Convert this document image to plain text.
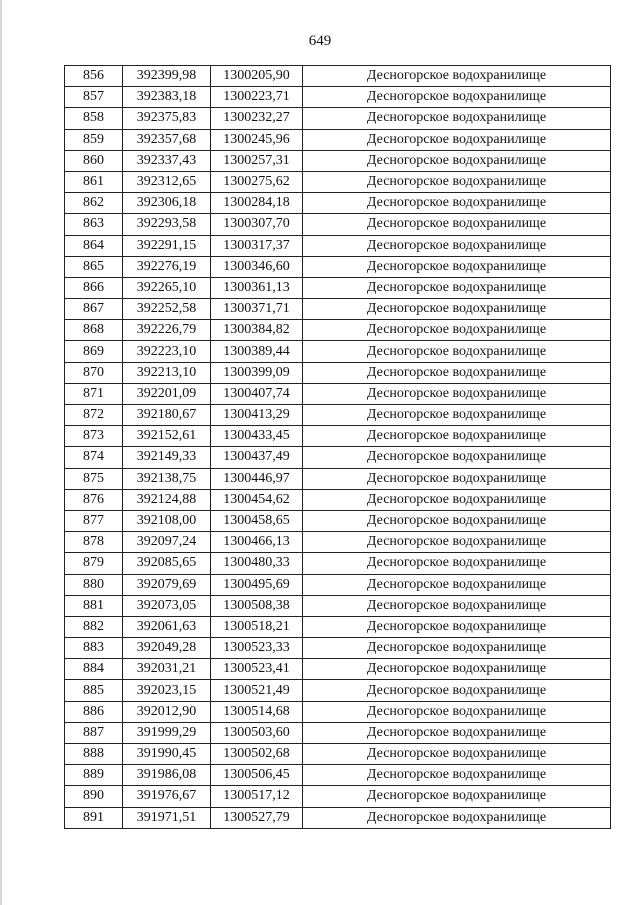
649
856	392399,98	1300205,90	Десногорское водохранилище
857	392383,18	1300223,71	Десногорское водохранилище
858	392375,83	1300232,27	Десногорское водохранилище
859	392357,68	1300245,96	Десногорское водохранилище
860	392337,43	1300257,31	Десногорское водохранилище
861	392312,65	1300275,62	Десногорское водохранилище
862	392306,18	1300284,18	Десногорское водохранилище
863	392293,58	1300307,70	Десногорское водохранилище
864	392291,15	1300317,37	Десногорское водохранилище
865	392276,19	1300346,60	Десногорское водохранилище
866	392265,10	1300361,13	Десногорское водохранилище
867	392252,58	1300371,71	Десногорское водохранилище
868	392226,79	1300384,82	Десногорское водохранилище
869	392223,10	1300389,44	Десногорское водохранилище
870	392213,10	1300399,09	Десногорское водохранилище
871	392201,09	1300407,74	Десногорское водохранилище
872	392180,67	1300413,29	Десногорское водохранилище
873	392152,61	1300433,45	Десногорское водохранилище
874	392149,33	1300437,49	Десногорское водохранилище
875	392138,75	1300446,97	Десногорское водохранилище
876	392124,88	1300454,62	Десногорское водохранилище
877	392108,00	1300458,65	Десногорское водохранилище
878	392097,24	1300466,13	Десногорское водохранилище
879	392085,65	1300480,33	Десногорское водохранилище
880	392079,69	1300495,69	Десногорское водохранилище
881	392073,05	1300508,38	Десногорское водохранилище
882	392061,63	1300518,21	Десногорское водохранилище
883	392049,28	1300523,33	Десногорское водохранилище
884	392031,21	1300523,41	Десногорское водохранилище
885	392023,15	1300521,49	Десногорское водохранилище
886	392012,90	1300514,68	Десногорское водохранилище
887	391999,29	1300503,60	Десногорское водохранилище
888	391990,45	1300502,68	Десногорское водохранилище
889	391986,08	1300506,45	Десногорское водохранилище
890	391976,67	1300517,12	Десногорское водохранилище
891	391971,51	1300527,79	Десногорское водохранилище
